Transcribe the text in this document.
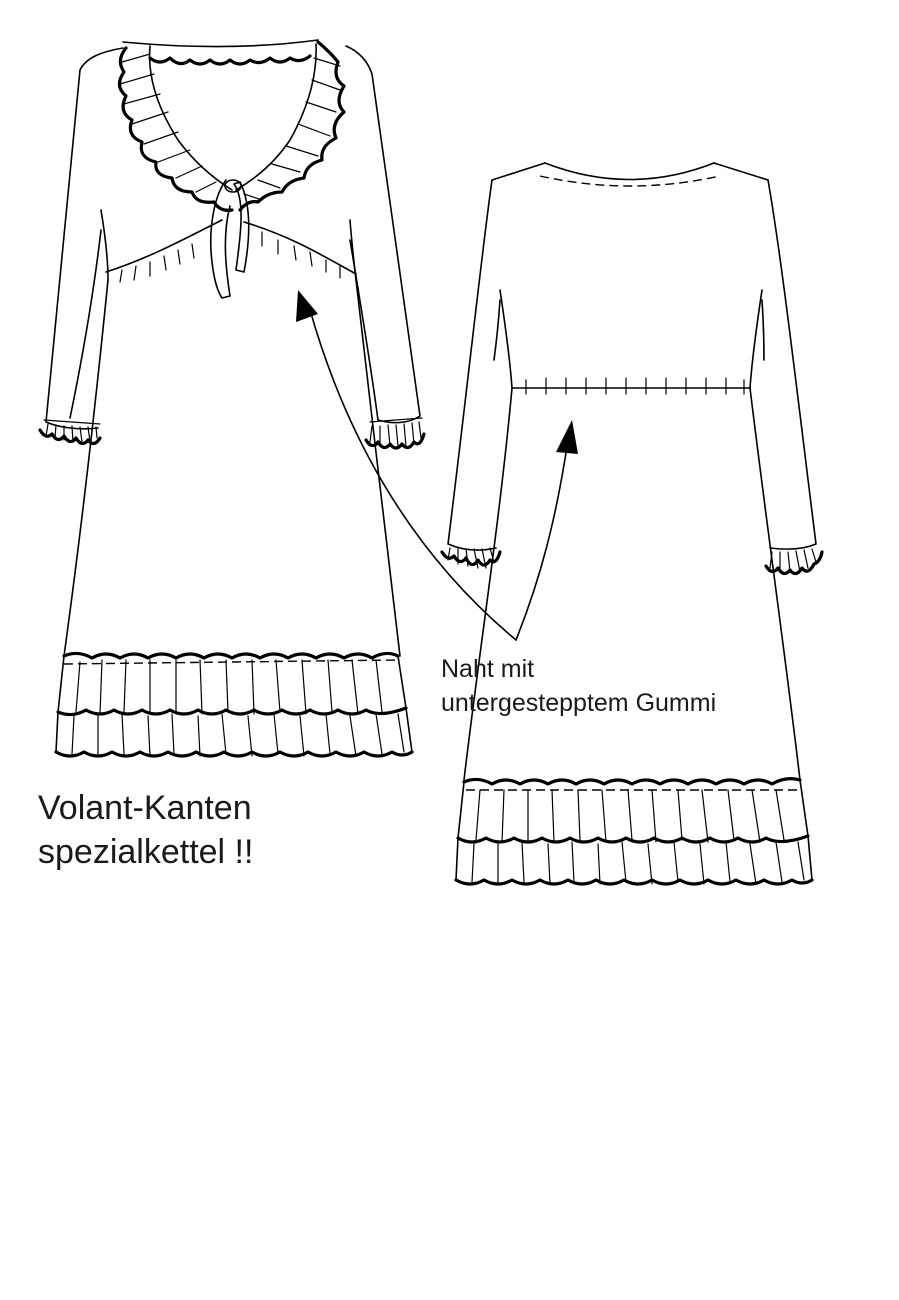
Naht mit
untergestepptem Gummi
Volant-Kanten
spezialkettel !!
